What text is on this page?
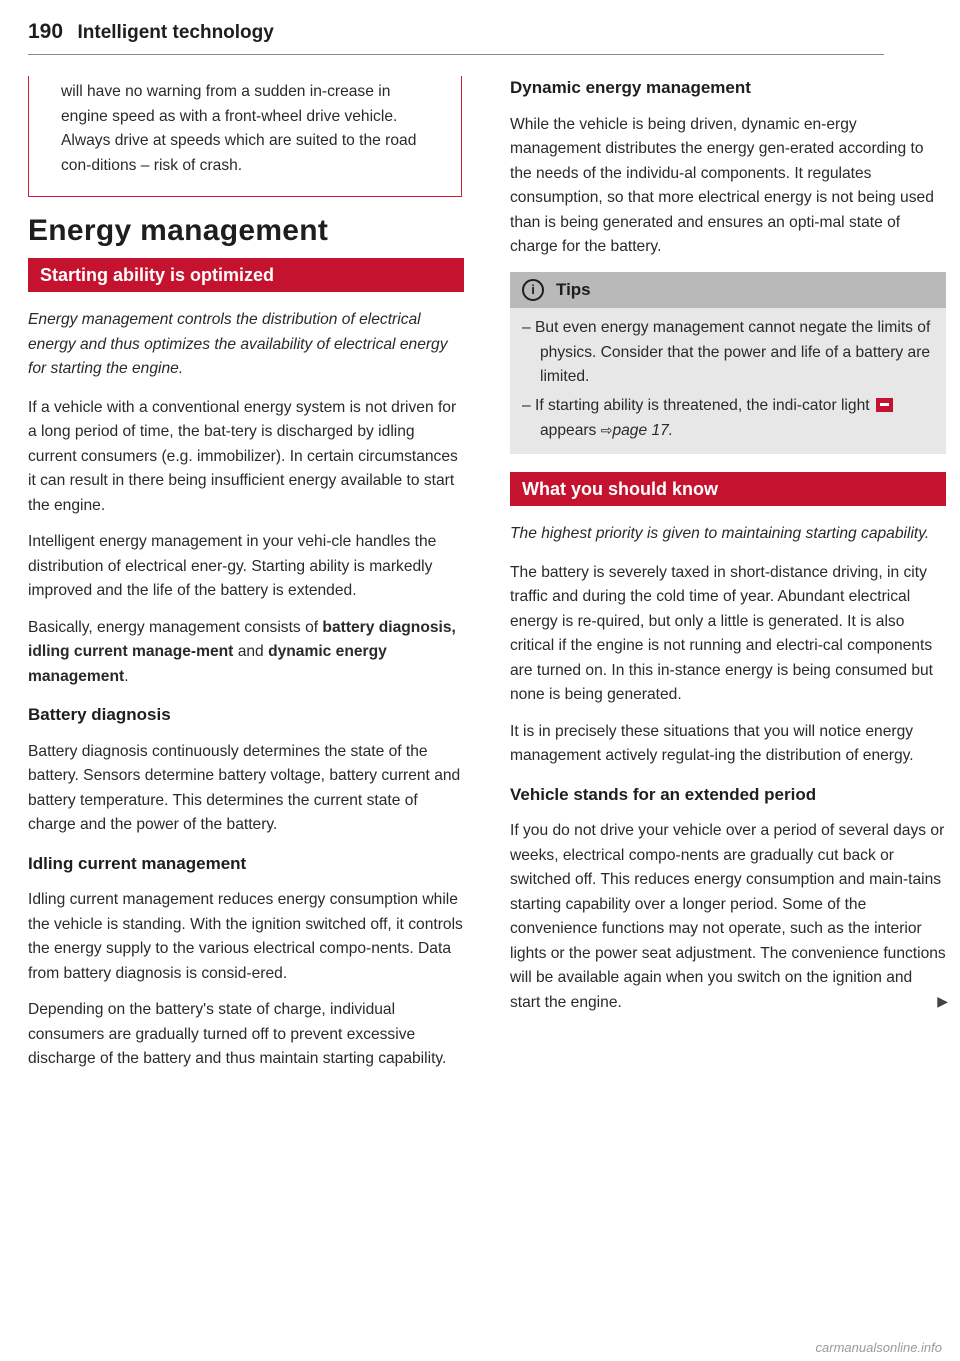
190 Intelligent technology

will have no warning from a sudden in-crease in engine speed as with a front-wheel drive vehicle. Always drive at speeds which are suited to the road con-ditions – risk of crash.

Energy management
Starting ability is optimized

Energy management controls the distribution of electrical energy and thus optimizes the availability of electrical energy for starting the engine.

If a vehicle with a conventional energy system is not driven for a long period of time, the bat-tery is discharged by idling current consumers (e.g. immobilizer). In certain circumstances it can result in there being insufficient energy available to start the engine.

Intelligent energy management in your vehi-cle handles the distribution of electrical ener-gy. Starting ability is markedly improved and the life of the battery is extended.

Basically, energy management consists of battery diagnosis, idling current manage-ment and dynamic energy management.

Battery diagnosis

Battery diagnosis continuously determines the state of the battery. Sensors determine battery voltage, battery current and battery temperature. This determines the current state of charge and the power of the battery.

Idling current management

Idling current management reduces energy consumption while the vehicle is standing. With the ignition switched off, it controls the energy supply to the various electrical compo-nents. Data from battery diagnosis is consid-ered.

Depending on the battery's state of charge, individual consumers are gradually turned off to prevent excessive discharge of the battery and thus maintain starting capability.

Dynamic energy management

While the vehicle is being driven, dynamic en-ergy management distributes the energy gen-erated according to the needs of the individu-al components. It regulates consumption, so that more electrical energy is not being used than is being generated and ensures an opti-mal state of charge for the battery.

i	Tips

– But even energy management cannot negate the limits of physics. Consider that the power and life of a battery are limited.

– If starting ability is threatened, the indi-cator light  appears ⇨page 17.

What you should know

The highest priority is given to maintaining starting capability.

The battery is severely taxed in short-distance driving, in city traffic and during the cold time of year. Abundant electrical energy is re-quired, but only a little is generated. It is also critical if the engine is not running and electri-cal components are turned on. In this in-stance energy is being consumed but none is being generated.

It is in precisely these situations that you will notice energy management actively regulat-ing the distribution of energy.

Vehicle stands for an extended period

If you do not drive your vehicle over a period of several days or weeks, electrical compo-nents are gradually cut back or switched off. This reduces energy consumption and main-tains starting capability over a longer period. Some of the convenience functions may not operate, such as the interior lights or the power seat adjustment. The convenience functions will be available again when you switch on the ignition and start the engine.	▶

carmanualsonline.info
